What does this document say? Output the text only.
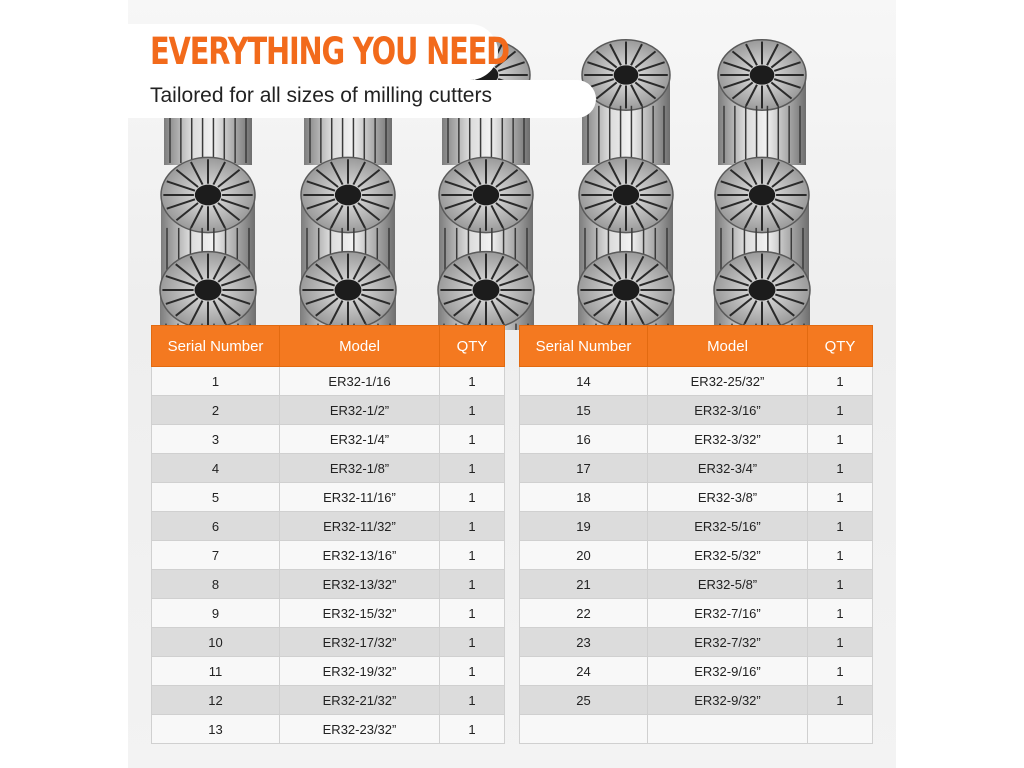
EVERYTHING YOU NEED
Tailored for all sizes of milling cutters
Serial Number	Model	QTY
1	ER32-1/16	1
2	ER32-1/2”	1
3	ER32-1/4”	1
4	ER32-1/8”	1
5	ER32-11/16”	1
6	ER32-11/32”	1
7	ER32-13/16”	1
8	ER32-13/32”	1
9	ER32-15/32”	1
10	ER32-17/32”	1
11	ER32-19/32”	1
12	ER32-21/32”	1
13	ER32-23/32”	1
Serial Number	Model	QTY
14	ER32-25/32”	1
15	ER32-3/16”	1
16	ER32-3/32”	1
17	ER32-3/4”	1
18	ER32-3/8”	1
19	ER32-5/16”	1
20	ER32-5/32”	1
21	ER32-5/8”	1
22	ER32-7/16”	1
23	ER32-7/32”	1
24	ER32-9/16”	1
25	ER32-9/32”	1
